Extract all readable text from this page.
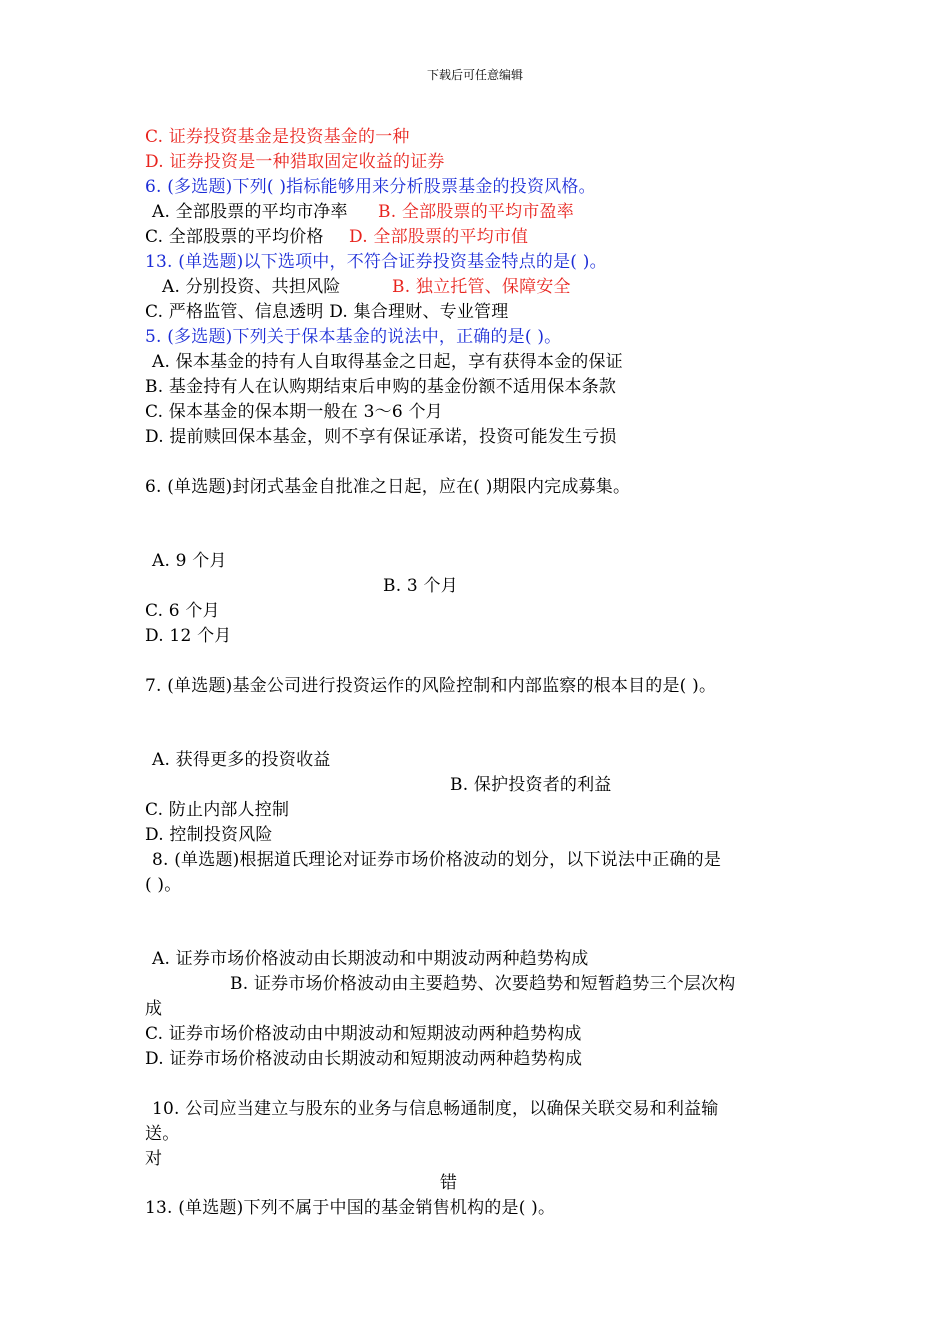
下载后可任意编辑
C. 证券投资基金是投资基金的一种
D. 证券投资是一种猎取固定收益的证券
6. (多选题)下列( )指标能够用来分析股票基金的投资风格。
A. 全部股票的平均市净率 B. 全部股票的平均市盈率
C. 全部股票的平均价格 D. 全部股票的平均市值
13. (单选题)以下选项中，不符合证券投资基金特点的是( )。
A. 分别投资、共担风险	B. 独立托管、保障安全
C. 严格监管、信息透明 D. 集合理财、专业管理
5. (多选题)下列关于保本基金的说法中，正确的是( )。
A. 保本基金的持有人自取得基金之日起，享有获得本金的保证
B. 基金持有人在认购期结束后申购的基金份额不适用保本条款
C. 保本基金的保本期一般在 3～6 个月
D. 提前赎回保本基金，则不享有保证承诺，投资可能发生亏损
6. (单选题)封闭式基金自批准之日起，应在( )期限内完成募集。
A. 9 个月
B. 3 个月
C. 6 个月
D. 12 个月
7. (单选题)基金公司进行投资运作的风险控制和内部监察的根本目的是( )。
A. 获得更多的投资收益
B. 保护投资者的利益
C. 防止内部人控制
D. 控制投资风险
8. (单选题)根据道氏理论对证券市场价格波动的划分，以下说法中正确的是
( )。
A. 证券市场价格波动由长期波动和中期波动两种趋势构成
B. 证券市场价格波动由主要趋势、次要趋势和短暂趋势三个层次构
成
C. 证券市场价格波动由中期波动和短期波动两种趋势构成
D. 证券市场价格波动由长期波动和短期波动两种趋势构成
10. 公司应当建立与股东的业务与信息畅通制度，以确保关联交易和利益输
送。
对
错
13. (单选题)下列不属于中国的基金销售机构的是( )。
